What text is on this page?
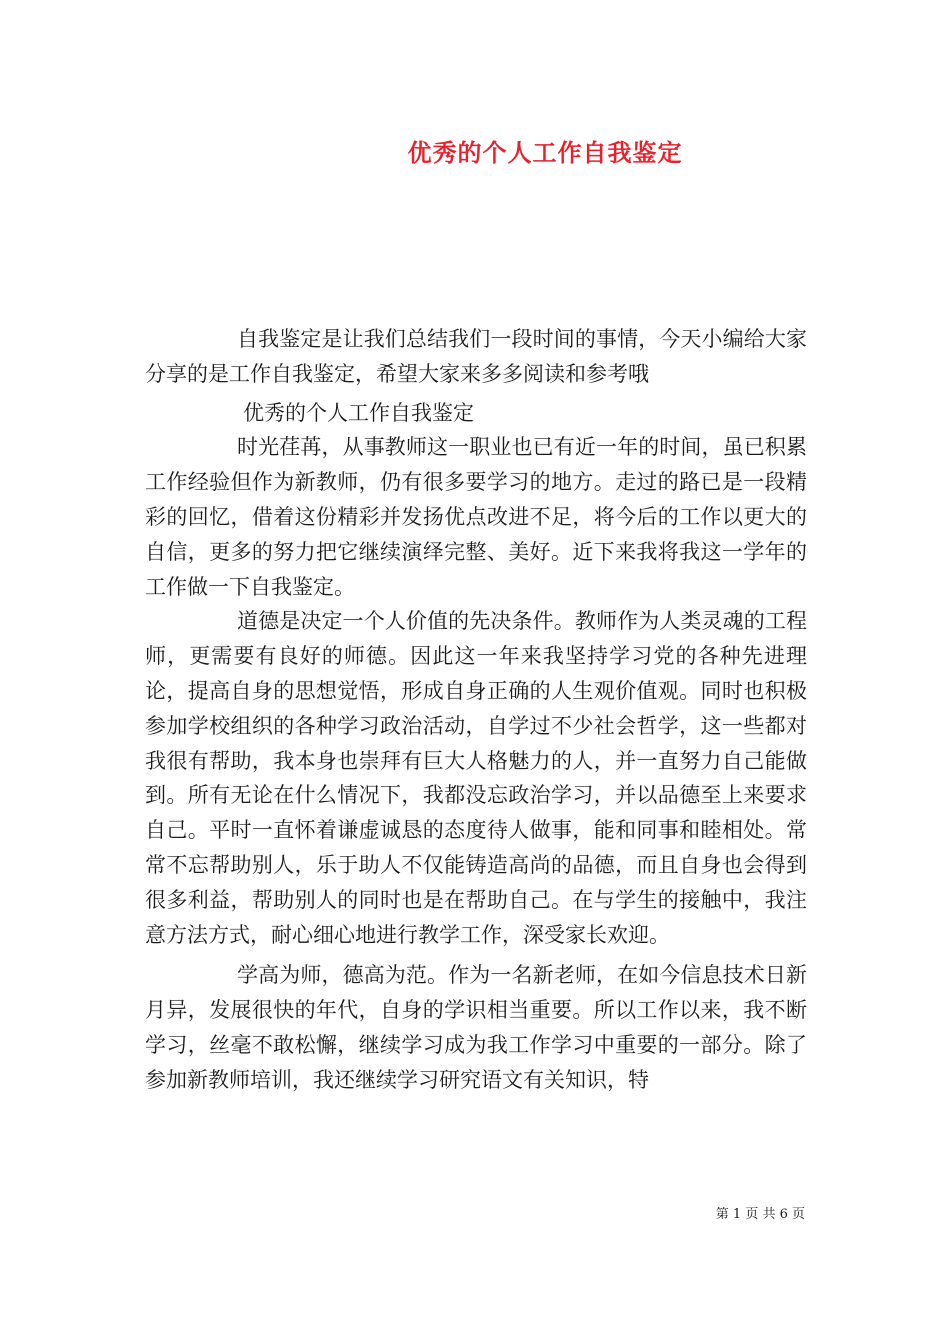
优秀的个人工作自我鉴定

自我鉴定是让我们总结我们一段时间的事情，今天小编给大家分享的是工作自我鉴定，希望大家来多多阅读和参考哦

优秀的个人工作自我鉴定

时光荏苒，从事教师这一职业也已有近一年的时间，虽已积累工作经验但作为新教师，仍有很多要学习的地方。走过的路已是一段精彩的回忆，借着这份精彩并发扬优点改进不足，将今后的工作以更大的自信，更多的努力把它继续演绎完整、美好。近下来我将我这一学年的工作做一下自我鉴定。

道德是决定一个人价值的先决条件。教师作为人类灵魂的工程师，更需要有良好的师德。因此这一年来我坚持学习党的各种先进理论，提高自身的思想觉悟，形成自身正确的人生观价值观。同时也积极参加学校组织的各种学习政治活动，自学过不少社会哲学，这一些都对我很有帮助，我本身也崇拜有巨大人格魅力的人，并一直努力自己能做到。所有无论在什么情况下，我都没忘政治学习，并以品德至上来要求自己。平时一直怀着谦虚诚恳的态度待人做事，能和同事和睦相处。常常不忘帮助别人，乐于助人不仅能铸造高尚的品德，而且自身也会得到很多利益，帮助别人的同时也是在帮助自己。在与学生的接触中，我注意方法方式，耐心细心地进行教学工作，深受家长欢迎。

学高为师，德高为范。作为一名新老师，在如今信息技术日新月异，发展很快的年代，自身的学识相当重要。所以工作以来，我不断学习，丝毫不敢松懈，继续学习成为我工作学习中重要的一部分。除了参加新教师培训，我还继续学习研究语文有关知识，特

第 1 页 共 6 页
